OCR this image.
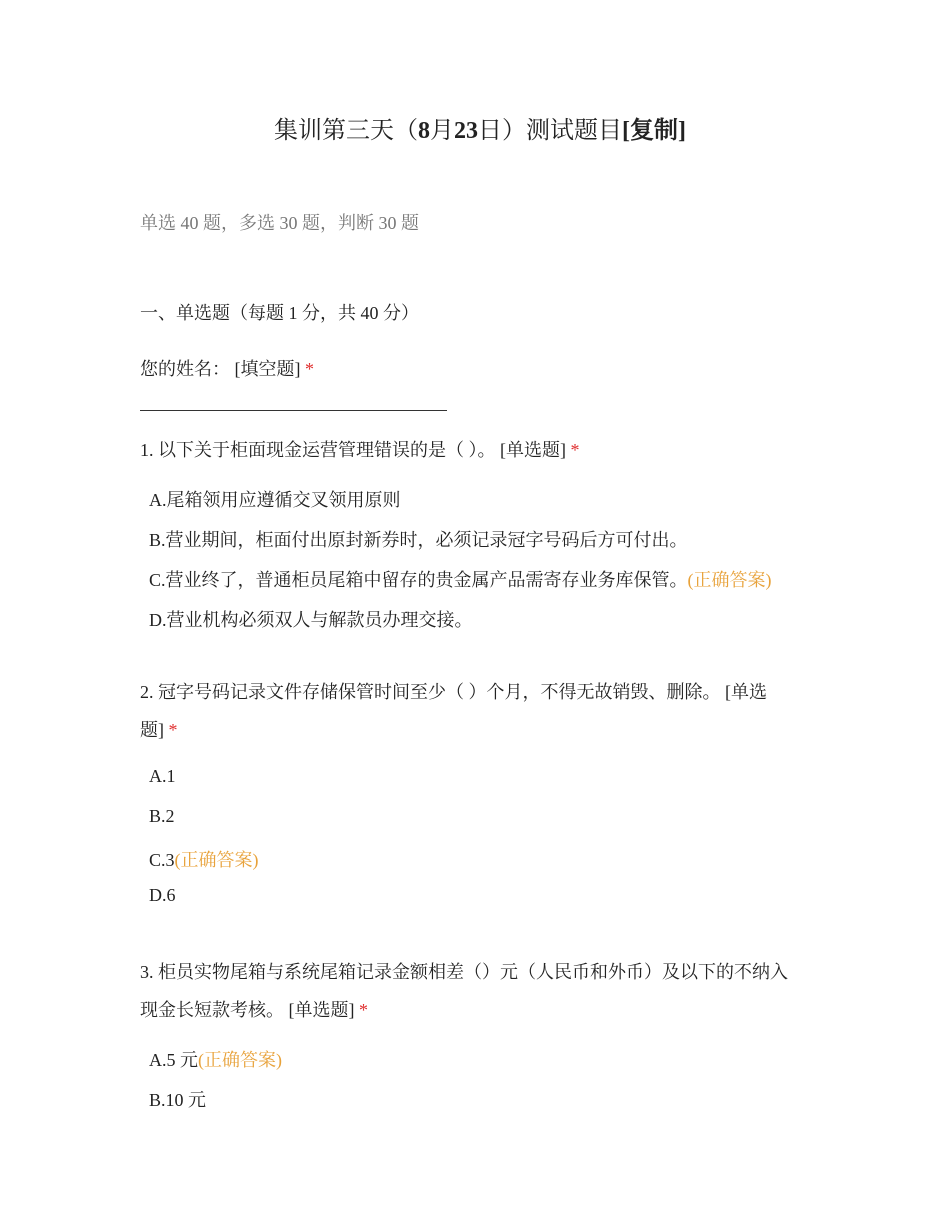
集训第三天（8月23日）测试题目[复制]
单选 40 题，多选 30 题，判断 30 题
一、单选题（每题 1 分，共 40 分）
您的姓名： [填空题] *
1. 以下关于柜面现金运营管理错误的是（ ）。 [单选题] *
A.尾箱领用应遵循交叉领用原则
B.营业期间，柜面付出原封新券时，必须记录冠字号码后方可付出。
C.营业终了，普通柜员尾箱中留存的贵金属产品需寄存业务库保管。(正确答案)
D.营业机构必须双人与解款员办理交接。
2. 冠字号码记录文件存储保管时间至少（ ）个月，不得无故销毁、删除。 [单选
题] *
A.1
B.2
C.3(正确答案)
D.6
3. 柜员实物尾箱与系统尾箱记录金额相差（）元（人民币和外币）及以下的不纳入
现金长短款考核。 [单选题] *
A.5 元(正确答案)
B.10 元
